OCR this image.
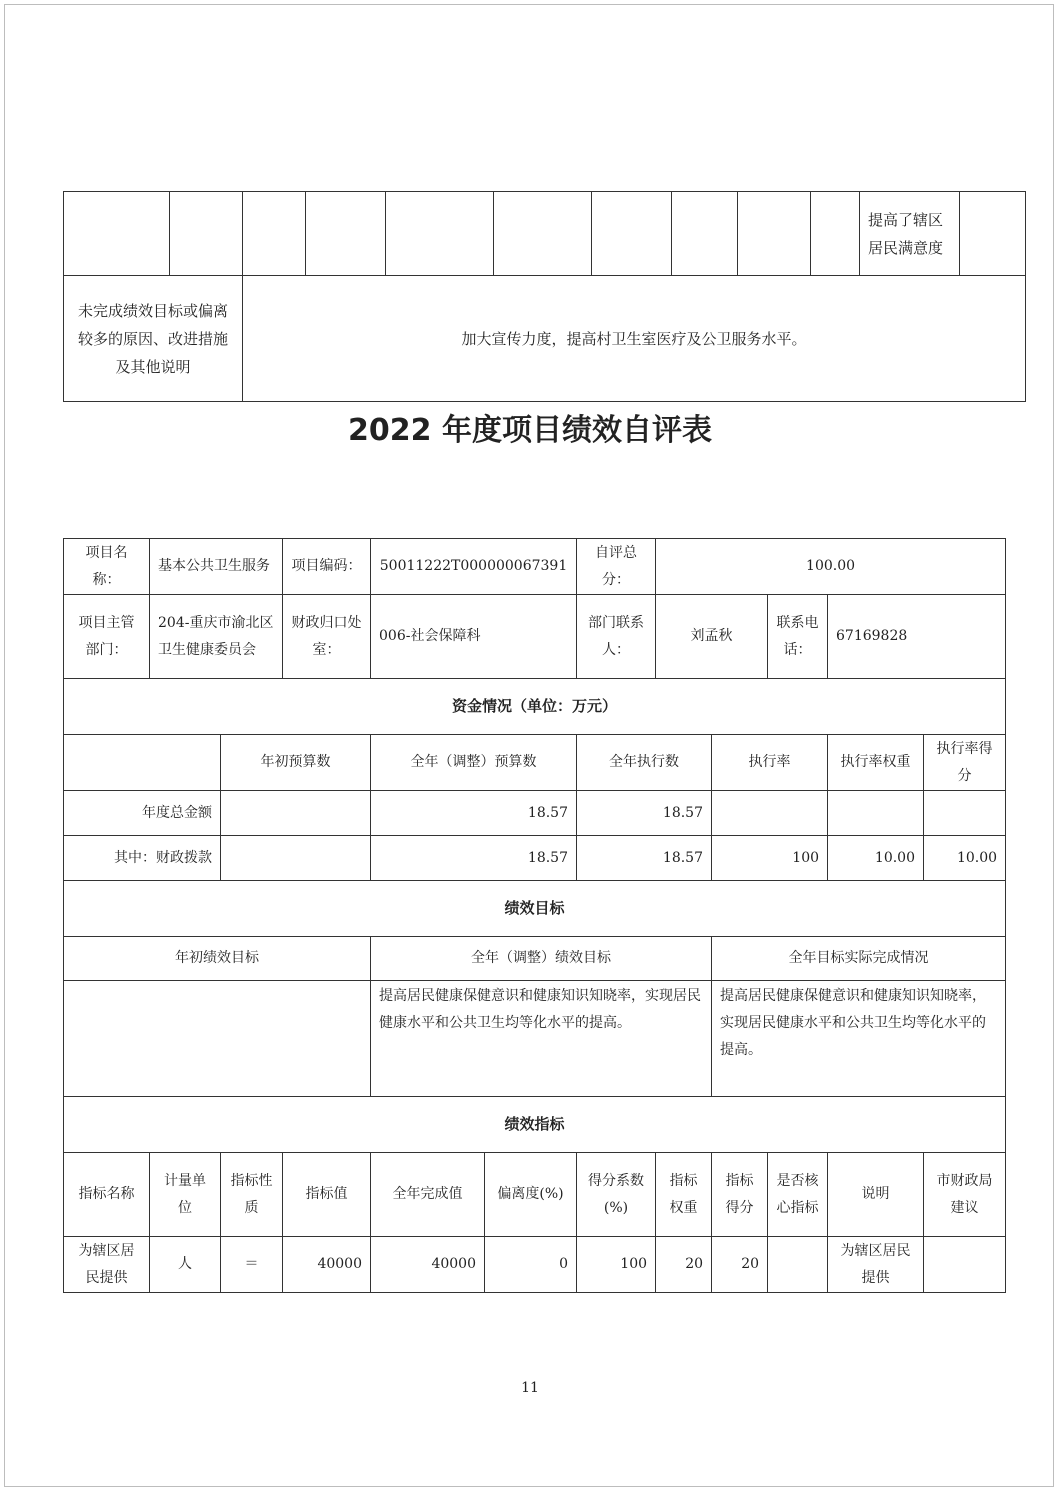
										提高了辖区居民满意度	
未完成绩效目标或偏离较多的原因、改进措施及其他说明		加大宣传力度，提高村卫生室医疗及公卫服务水平。									
2022 年度项目绩效自评表
项目名称：	基本公共卫生服务		项目编码：	50011222T000000067391		自评总分：	100.00				
项目主管部门：	204-重庆市渝北区卫生健康委员会		财政归口处室：	006-社会保障科		部门联系人：	刘孟秋		联系电话：	67169828	
资金情况（单位：万元）											
		年初预算数		全年（调整）预算数		全年执行数		执行率		执行率权重	执行率得分
年度总金额				18.57		18.57					
其中：财政拨款				18.57		18.57		100		10.00	10.00
绩效目标											
年初绩效目标				全年（调整）绩效目标				全年目标实际完成情况			
				提高居民健康保健意识和健康知识知晓率，实现居民健康水平和公共卫生均等化水平的提高。				提高居民健康保健意识和健康知识知晓率，实现居民健康水平和公共卫生均等化水平的提高。			
绩效指标											
指标名称	计量单位	指标性质	指标值	全年完成值	偏离度(%)	得分系数(%)	指标权重	指标得分	是否核心指标	说明	市财政局建议
为辖区居民提供	人	＝	40000	40000	0	100	20	20		为辖区居民提供	
11
